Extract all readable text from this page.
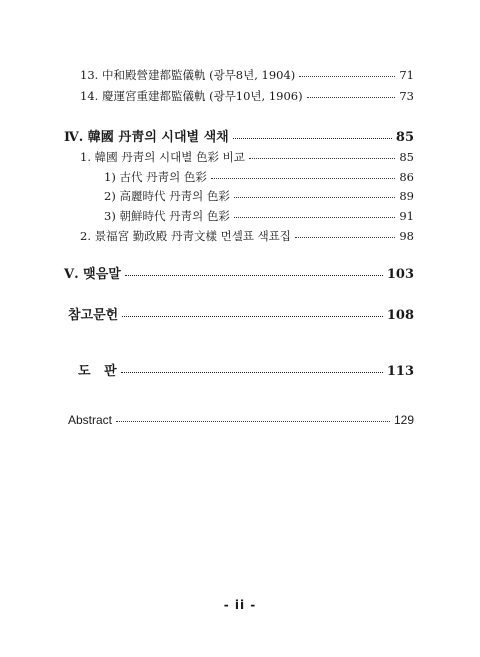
13. 中和殿營建都監儀軌 (광무8년, 1904)	71
14. 慶運宮重建都監儀軌 (광무10년, 1906)	73
Ⅳ. 韓國 丹靑의 시대별 색채	85
1. 韓國 丹靑의 시대별 色彩 비교	85
1) 古代 丹靑의 色彩	86
2) 高麗時代 丹靑의 色彩	89
3) 朝鮮時代 丹靑의 色彩	91
2. 景福宮 勤政殿 丹靑文樣 먼셀표 색표집	98
Ⅴ. 맺음말	103
참고문헌	108
도   판	113
Abstract	129
- ii -
